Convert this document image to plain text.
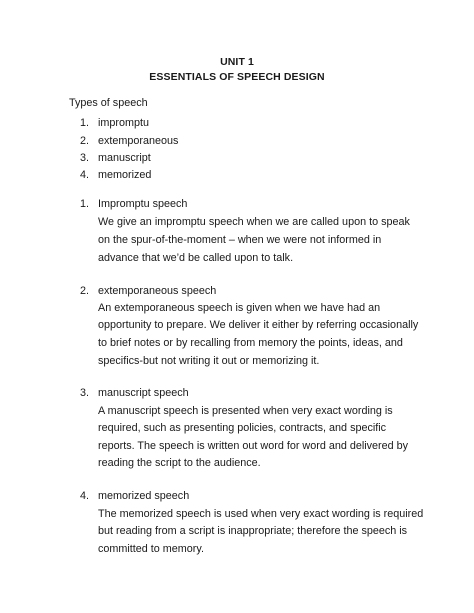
UNIT 1
ESSENTIALS OF SPEECH DESIGN
Types of speech
1. impromptu
2. extemporaneous
3. manuscript
4. memorized
1. Impromptu speech
We give an impromptu speech when we are called upon to speak
on the spur-of-the-moment – when we were not informed in
advance that we’d be called upon to talk.
2. extemporaneous speech
An extemporaneous speech is given when we have had an
opportunity to prepare. We deliver it either by referring occasionally
to brief notes or by recalling from memory the points, ideas, and
specifics-but not writing it out or memorizing it.
3. manuscript speech
A manuscript speech is presented when very exact wording is
required, such as presenting policies, contracts, and specific
reports. The speech is written out word for word and delivered by
reading the script to the audience.
4. memorized speech
The memorized speech is used when very exact wording is required
but reading from a script is inappropriate; therefore the speech is
committed to memory.
